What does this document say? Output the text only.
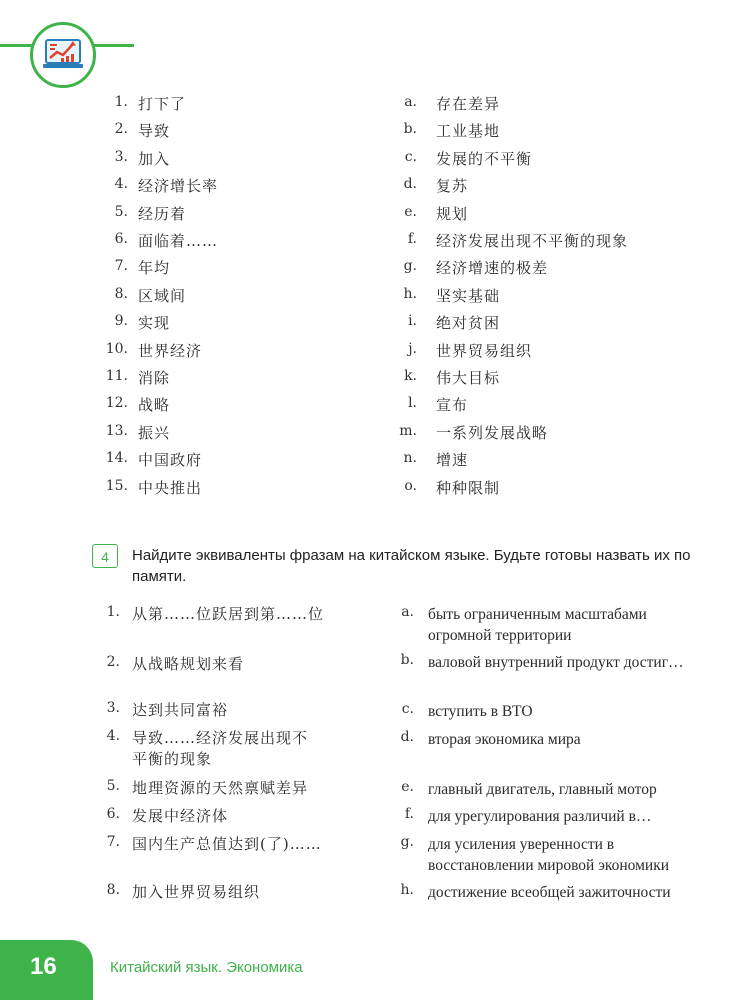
1. 打下了
2. 导致
3. 加入
4. 经济增长率
5. 经历着
6. 面临着……
7. 年均
8. 区域间
9. 实现
10. 世界经济
11. 消除
12. 战略
13. 振兴
14. 中国政府
15. 中央推出
a. 存在差异
b. 工业基地
c. 发展的不平衡
d. 复苏
e. 规划
f. 经济发展出现不平衡的现象
g. 经济增速的极差
h. 坚实基础
i. 绝对贫困
j. 世界贸易组织
k. 伟大目标
l. 宣布
m. 一系列发展战略
n. 增速
o. 种种限制
4	Найдите эквиваленты фразам на китайском языке. Будьте готовы назвать их по памяти.
1. 从第……位跃居到第……位
2. 从战略规划来看
3. 达到共同富裕
4. 导致……经济发展出现不平衡的现象
5. 地理资源的天然禀赋差异
6. 发展中经济体
7. 国内生产总值达到(了)……
8. 加入世界贸易组织
a. быть ограниченным масштабами огромной территории
b. валовой внутренний продукт достиг…
c. вступить в ВТО
d. вторая экономика мира
e. главный двигатель, главный мотор
f. для урегулирования различий в…
g. для усиления уверенности в восстановлении мировой экономики
h. достижение всеобщей зажиточности
16	Китайский язык. Экономика
